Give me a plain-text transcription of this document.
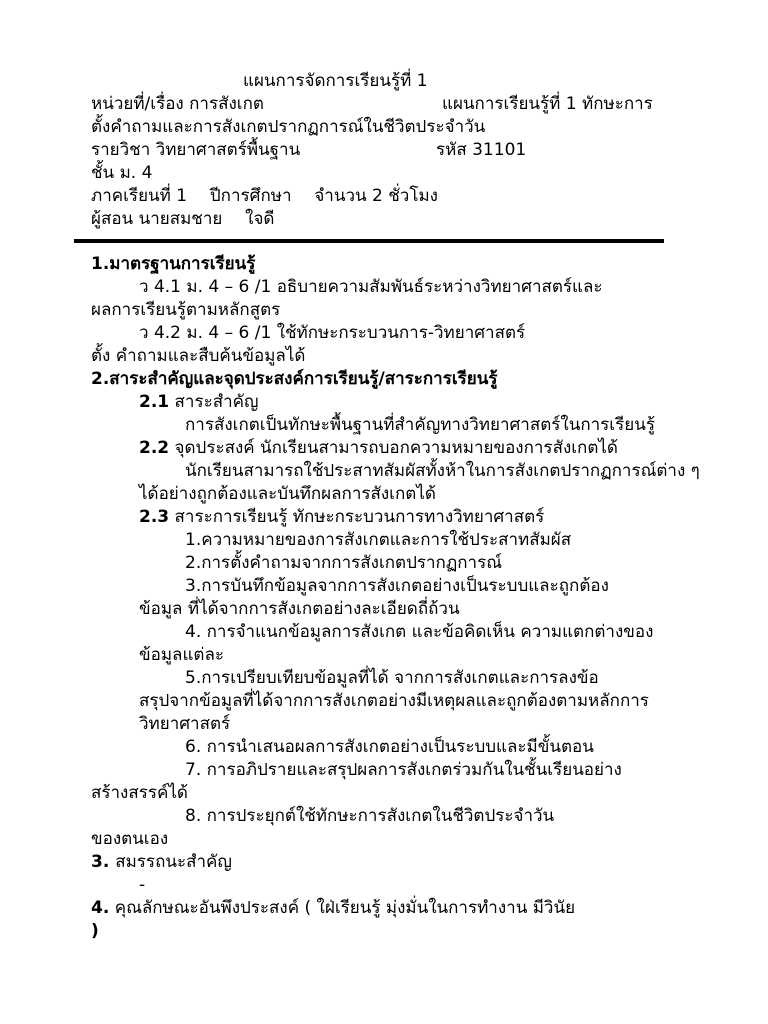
แผนการจัดการเรียนรู้ที่ 1
หน่วยที่/เรื่อง การสังเกต	แผนการเรียนรู้ที่ 1 ทักษะการ
ตั้งคำถามและการสังเกตปรากฏการณ์ในชีวิตประจำวัน
รายวิชา วิทยาศาสตร์พื้นฐาน	รหัส 31101
ชั้น ม. 4
ภาคเรียนที่ 1 ปีการศึกษา จำนวน 2 ชั่วโมง
ผู้สอน นายสมชาย ใจดี
1.มาตรฐานการเรียนรู้
ว 4.1 ม. 4 – 6 /1 อธิบายความสัมพันธ์ระหว่างวิทยาศาสตร์และ
ผลการเรียนรู้ตามหลักสูตร
ว 4.2 ม. 4 – 6 /1 ใช้ทักษะกระบวนการ-วิทยาศาสตร์
ตั้ง คำถามและสืบค้นข้อมูลได้
2.สาระสำคัญและจุดประสงค์การเรียนรู้/สาระการเรียนรู้
2.1 สาระสำคัญ
การสังเกตเป็นทักษะพื้นฐานที่สำคัญทางวิทยาศาสตร์ในการเรียนรู้
2.2 จุดประสงค์ นักเรียนสามารถบอกความหมายของการสังเกตได้
นักเรียนสามารถใช้ประสาทสัมผัสทั้งห้าในการสังเกตปรากฏการณ์ต่าง ๆ
ได้อย่างถูกต้องและบันทึกผลการสังเกตได้
2.3 สาระการเรียนรู้ ทักษะกระบวนการทางวิทยาศาสตร์
1.ความหมายของการสังเกตและการใช้ประสาทสัมผัส
2.การตั้งคำถามจากการสังเกตปรากฏการณ์
3.การบันทึกข้อมูลจากการสังเกตอย่างเป็นระบบและถูกต้อง
ข้อมูล ที่ได้จากการสังเกตอย่างละเอียดถี่ถ้วน
4. การจำแนกข้อมูลการสังเกต และข้อคิดเห็น ความแตกต่างของ
ข้อมูลแต่ละ
5.การเปรียบเทียบข้อมูลที่ได้ จากการสังเกตและการลงข้อ
สรุปจากข้อมูลที่ได้จากการสังเกตอย่างมีเหตุผลและถูกต้องตามหลักการ
วิทยาศาสตร์
6. การนำเสนอผลการสังเกตอย่างเป็นระบบและมีขั้นตอน
7. การอภิปรายและสรุปผลการสังเกตร่วมกันในชั้นเรียนอย่าง
สร้างสรรค์ได้
8. การประยุกต์ใช้ทักษะการสังเกตในชีวิตประจำวัน
ของตนเอง
3. สมรรถนะสำคัญ
-
4. คุณลักษณะอันพึงประสงค์ ( ใฝ่เรียนรู้ มุ่งมั่นในการทำงาน มีวินัย
)
